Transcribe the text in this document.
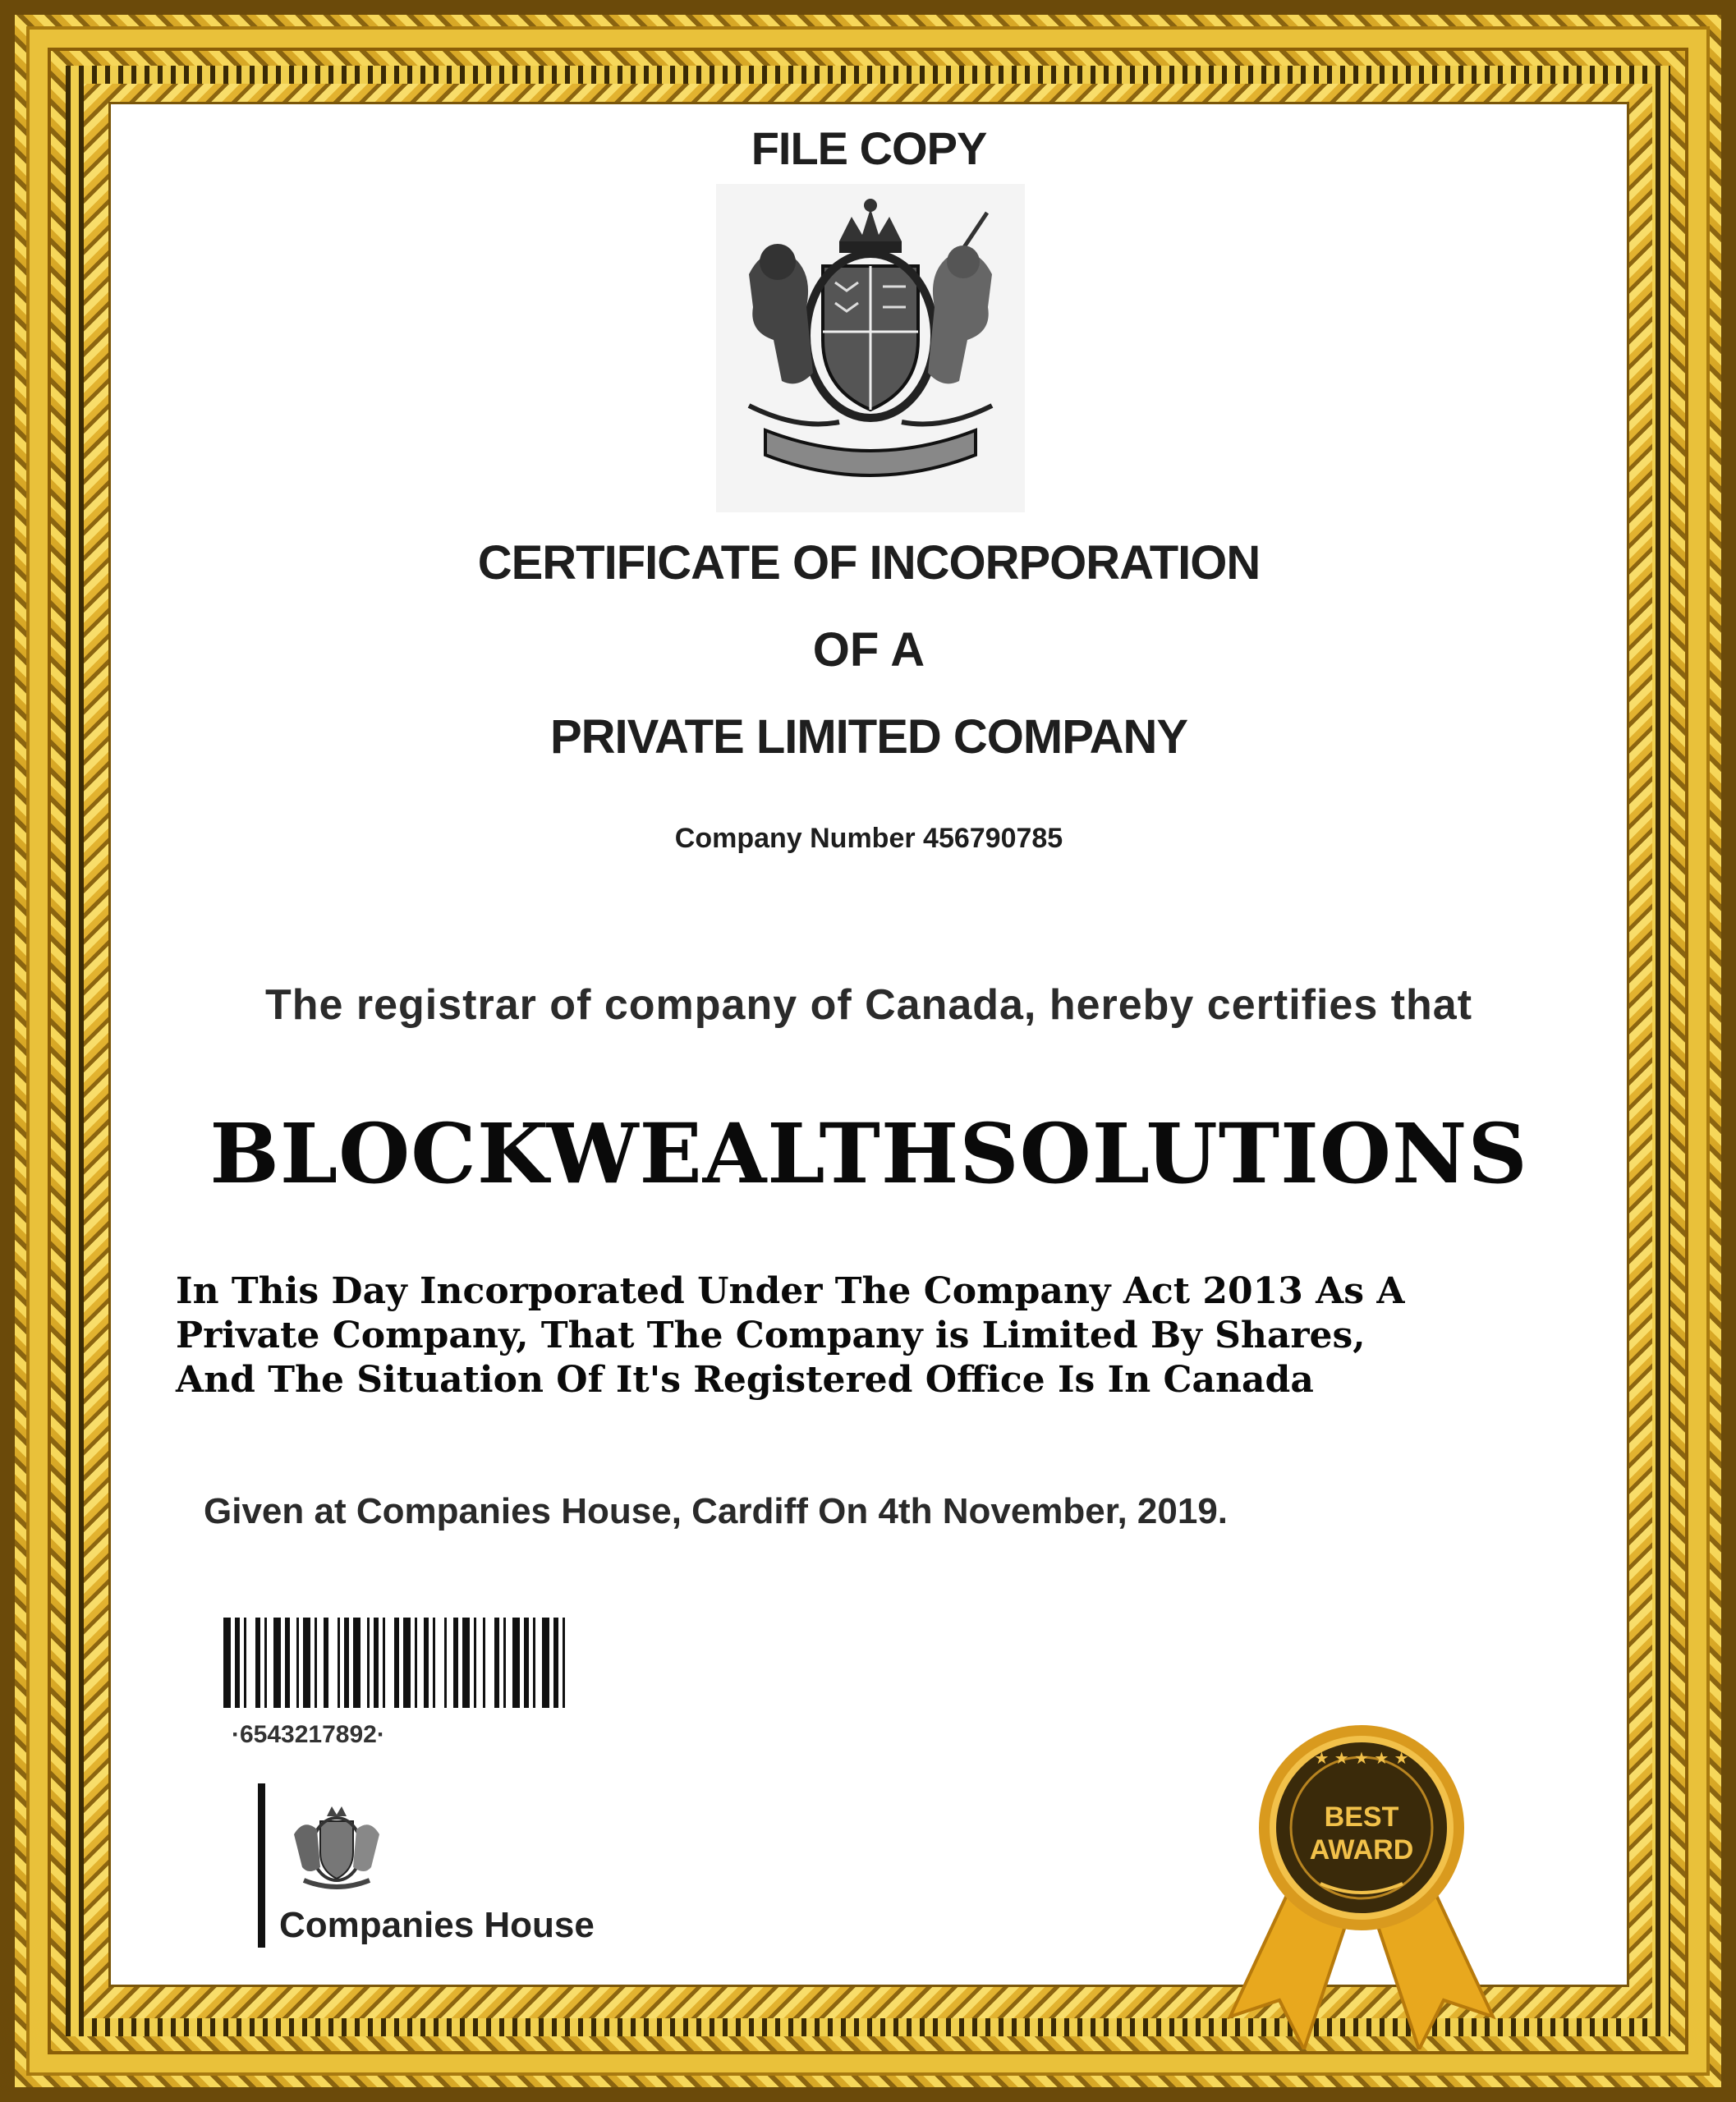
FILE COPY
CERTIFICATE OF INCORPORATION
OF A
PRIVATE LIMITED COMPANY
Company Number 456790785
The registrar of company of Canada, hereby certifies that
BLOCKWEALTHSOLUTIONS
In This Day Incorporated Under The Company Act 2013 As A
Private Company, That The Company is Limited By Shares,
And The Situation Of It's Registered Office Is In Canada
Given at Companies House, Cardiff On 4th November, 2019.
·6543217892·
Companies House
★ ★ ★ ★ ★
BEST
AWARD
